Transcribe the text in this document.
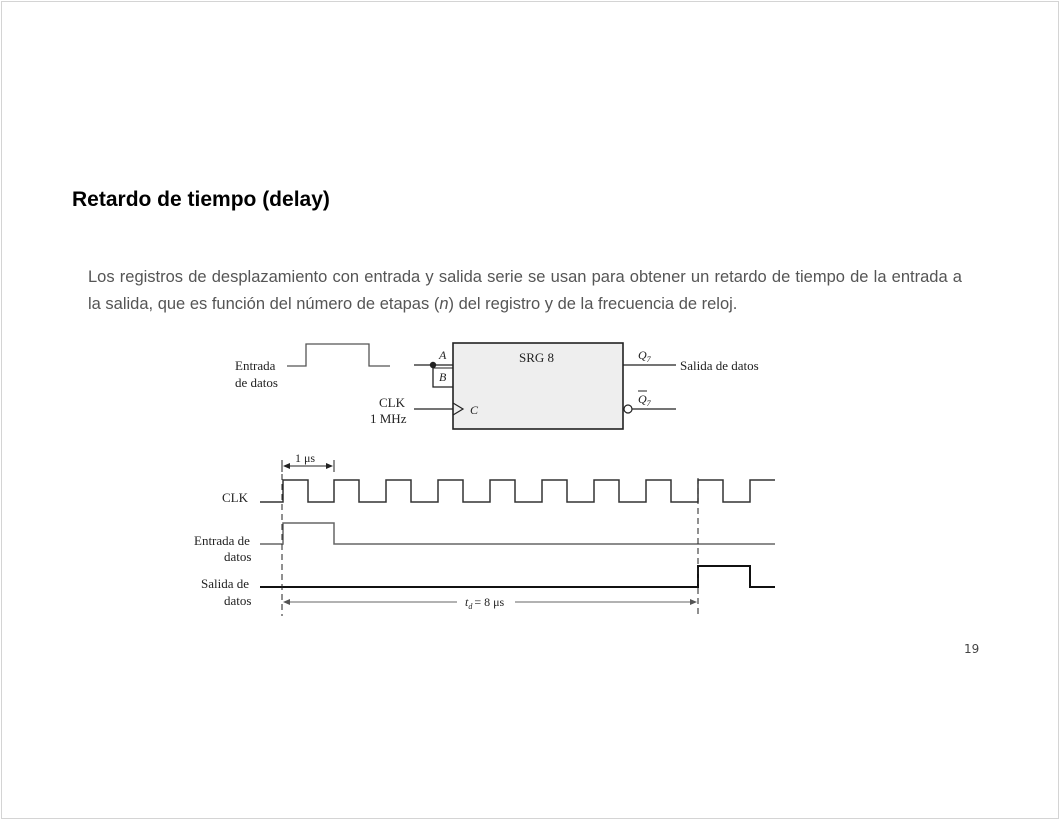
Retardo de tiempo (delay)

Los registros de desplazamiento con entrada y salida serie se usan para obtener un retardo de tiempo de la entrada a la salida, que es función del número de etapas (n) del registro y de la frecuencia de reloj.

Entrada
de datos
SRG 8
A
B
CLK
1 MHz
C
$Q_7$ Salida de datos
$Q_7$
1 μs
CLK
Entrada de
datos
Salida de
datos	$t_d = 8$ μs
19
